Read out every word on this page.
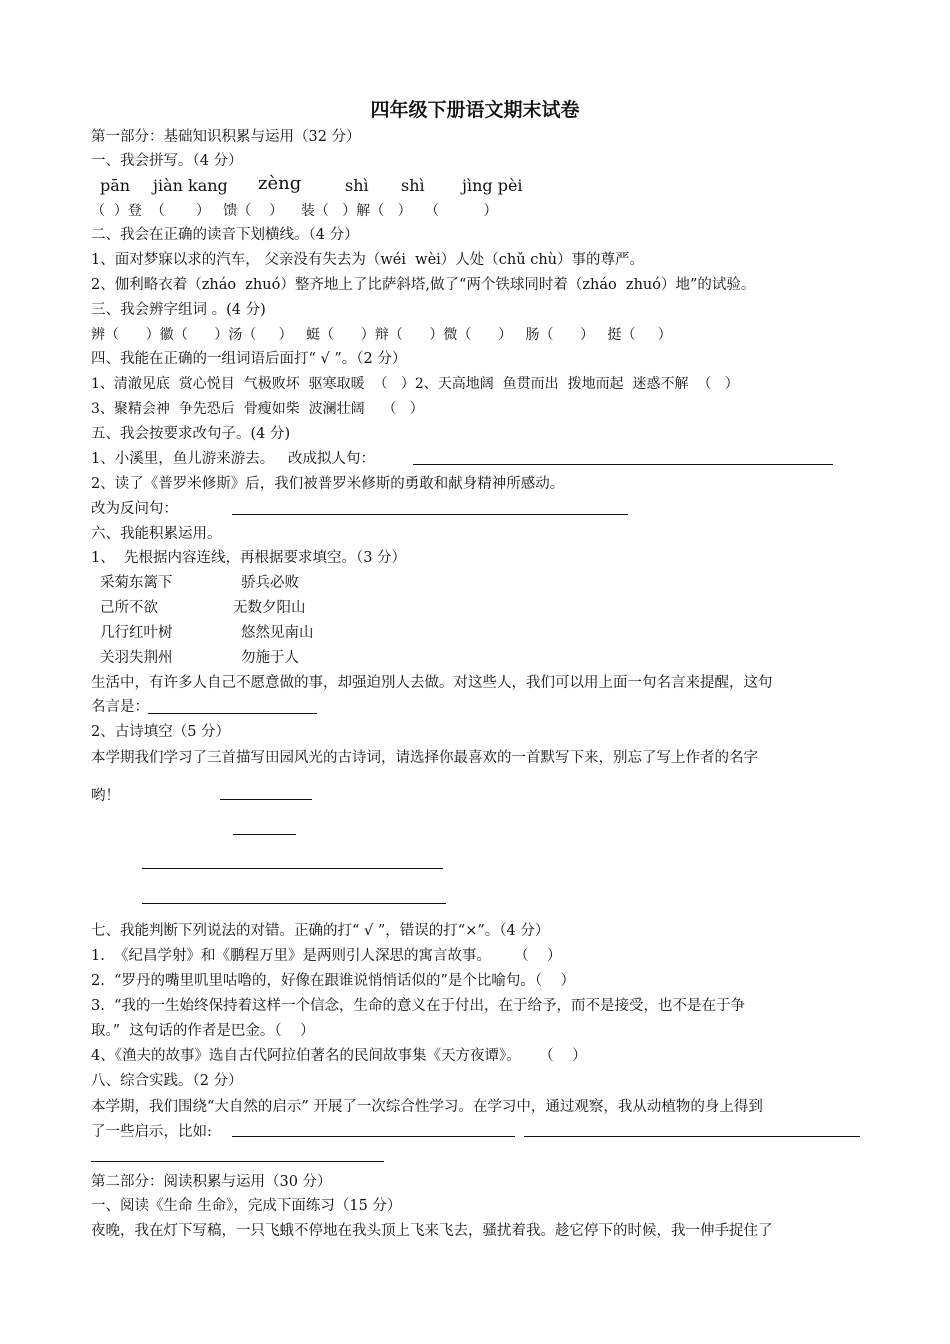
四年级下册语文期末试卷
第一部分：基础知识积累与运用（32 分）
一、我会拼写。（4 分）
pān jiàn kang zèng	shì shì jìng pèi
（  ）登  （       ）   馈（    ）    装（   ）解（   ）   （          ）
二、我会在正确的读音下划横线。（4 分）
1、面对梦寐以求的汽车， 父亲没有失去为（wéi  wèi）人处（chǔ chù）事的尊严。
2、伽利略衣着（zháo  zhuó）整齐地上了比萨斜塔,做了“两个铁球同时着（zháo  zhuó）地”的试验。
三、我会辨字组词 。(4 分)
辨（      ）徽（      ）汤（     ）   蜓（      ）辩（      ）微（      ）   肠（      ）   挺（     ）
四、我能在正确的一组词语后面打“ √ ”。（2 分）
1、清澈见底  赏心悦目  气极败坏  驱寒取暖  （   ）2、天高地阔  鱼贯而出  拨地而起  迷惑不解  （   ）
3、聚精会神  争先恐后  骨瘦如柴  波澜壮阔    （   ）
五、我会按要求改句子。(4 分)
1、小溪里，鱼儿游来游去。   改成拟人句：
2、读了《普罗米修斯》后，我们被普罗米修斯的勇敢和献身精神所感动。
改为反问句：
六、我能积累运用。
1、  先根据内容连线，再根据要求填空。（3 分）
采菊东篱下
己所不欲
几行红叶树
关羽失荆州
骄兵必败
无数夕阳山
悠然见南山
勿施于人
生活中，有许多人自己不愿意做的事，却强迫別人去做。对这些人，我们可以用上面一句名言来提醒，这句
名言是：
2、古诗填空（5 分）
本学期我们学习了三首描写田园风光的古诗词，请选择你最喜欢的一首默写下来，别忘了写上作者的名字
哟！
七、我能判断下列说法的对错。正确的打“ √ ”，错误的打“×”。（4 分）
1.  《纪昌学射》和《鹏程万里》是两则引人深思的寓言故事。     （    ）
2.  “罗丹的嘴里叽里咕噜的，好像在跟谁说悄悄话似的”是个比喻句。（    ）
3.  “我的一生始终保持着这样一个信念，生命的意义在于付出，在于给予，而不是接受，也不是在于争
取。”  这句话的作者是巴金。（    ）
4、《渔夫的故事》选自古代阿拉伯著名的民间故事集《天方夜谭》。    （    ）
八、综合实践。（2 分）
本学期，我们围绕“大自然的启示” 开展了一次综合性学习。在学习中，通过观察，我从动植物的身上得到
了一些启示，比如:
第二部分：阅读积累与运用（30 分）
一、阅读《生命 生命》，完成下面练习（15 分）
夜晚，我在灯下写稿，一只飞蛾不停地在我头顶上飞来飞去，骚扰着我。趁它停下的时候，我一伸手捉住了
